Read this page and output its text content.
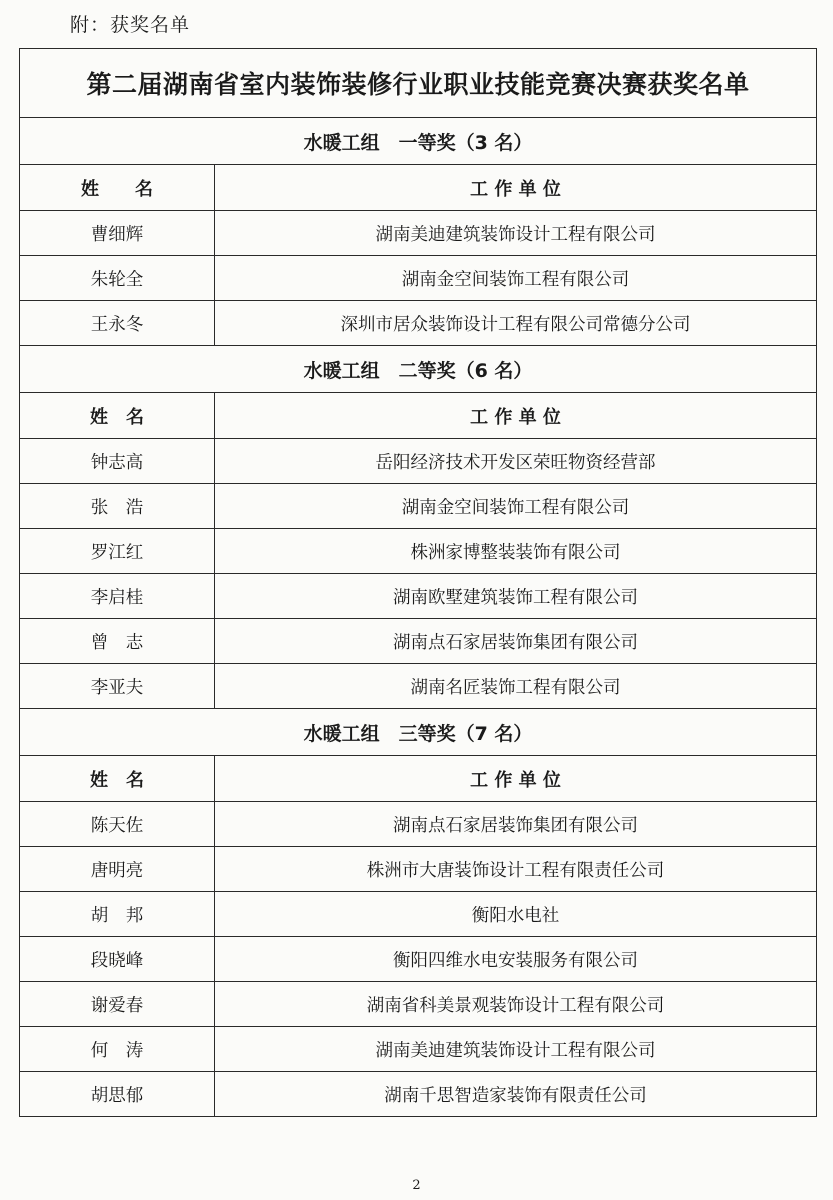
附：获奖名单
第二届湖南省室内装饰装修行业职业技能竞赛决赛获奖名单	
水暖工组　一等奖（3 名）	
姓　　名	工 作 单 位
曹细辉	湖南美迪建筑装饰设计工程有限公司
朱轮全	湖南金空间装饰工程有限公司
王永冬	深圳市居众装饰设计工程有限公司常德分公司
水暖工组　二等奖（6 名）	
姓　名	工 作 单 位
钟志高	岳阳经济技术开发区荣旺物资经营部
张　浩	湖南金空间装饰工程有限公司
罗江红	株洲家博整装装饰有限公司
李启桂	湖南欧墅建筑装饰工程有限公司
曾　志	湖南点石家居装饰集团有限公司
李亚夫	湖南名匠装饰工程有限公司
水暖工组　三等奖（7 名）	
姓　名	工 作 单 位
陈天佐	湖南点石家居装饰集团有限公司
唐明亮	株洲市大唐装饰设计工程有限责任公司
胡　邦	衡阳水电社
段晓峰	衡阳四维水电安装服务有限公司
谢爱春	湖南省科美景观装饰设计工程有限公司
何　涛	湖南美迪建筑装饰设计工程有限公司
胡思郁	湖南千思智造家装饰有限责任公司
2
